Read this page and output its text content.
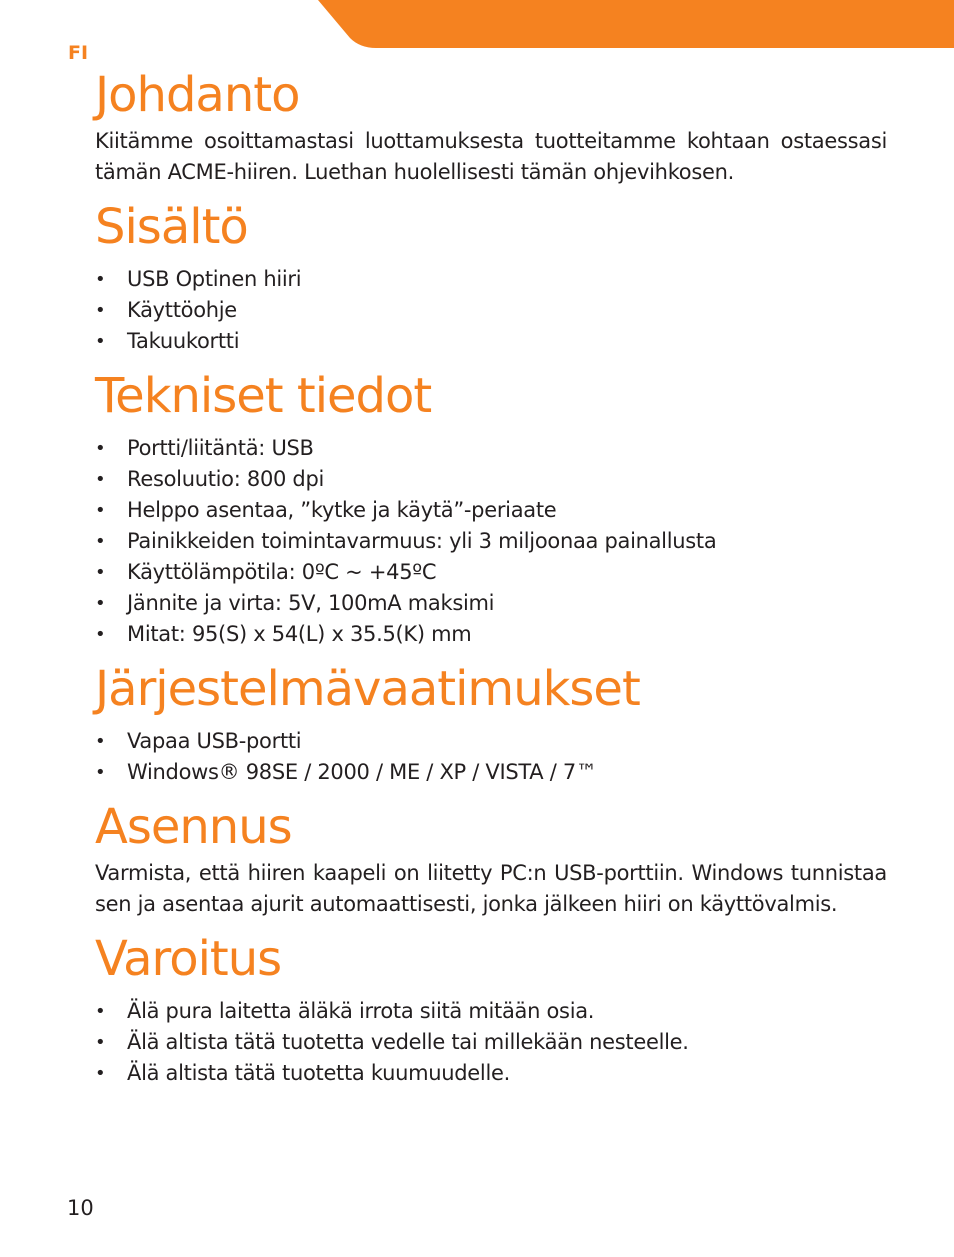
FI
Johdanto

Kiitämme osoittamastasi luottamuksesta tuotteitamme kohtaan ostaessasi tämän ACME-hiiren. Luethan huolellisesti tämän ohjevihkosen.

Sisältö
• USB Optinen hiiri
• Käyttöohje
• Takuukortti
Tekniset tiedot
• Portti/liitäntä: USB
• Resoluutio: 800 dpi
• Helppo asentaa, ”kytke ja käytä”-periaate
• Painikkeiden toimintavarmuus: yli 3 miljoonaa painallusta
• Käyttölämpötila: 0ºC ~ +45ºC
• Jännite ja virta: 5V, 100mA maksimi
• Mitat: 95(S) x 54(L) x 35.5(K) mm
Järjestelmävaatimukset
• Vapaa USB-portti
• Windows® 98SE / 2000 / ME / XP / VISTA / 7™
Asennus

Varmista, että hiiren kaapeli on liitetty PC:n USB-porttiin. Windows tunnistaa sen ja asentaa ajurit automaattisesti, jonka jälkeen hiiri on käyttövalmis.

Varoitus
• Älä pura laitetta äläkä irrota siitä mitään osia.
• Älä altista tätä tuotetta vedelle tai millekään nesteelle.
• Älä altista tätä tuotetta kuumuudelle.
10
